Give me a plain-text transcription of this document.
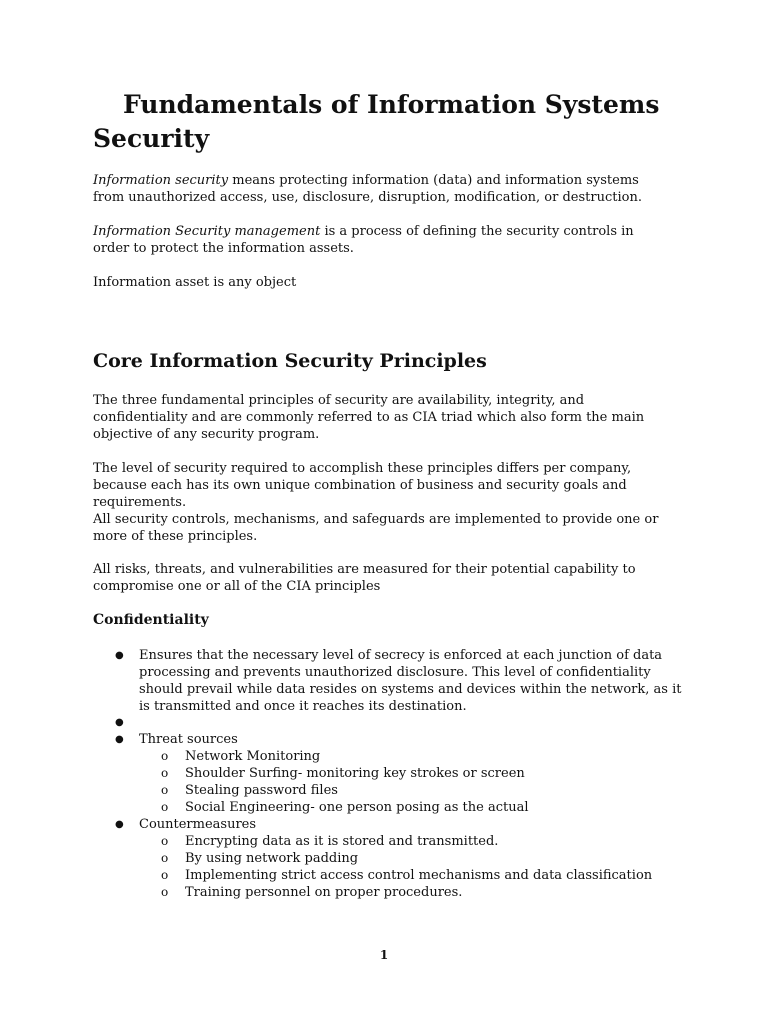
Fundamentals of Information Systems Security

Information security means protecting information (data) and information systems from unauthorized access, use, disclosure, disruption, modification, or destruction.

Information Security management is a process of defining the security controls in order to protect the information assets.

Information asset is any object

Core Information Security Principles

The three fundamental principles of security are availability, integrity, and confidentiality and are commonly referred to as CIA triad which also form the main objective of any security program.

The level of security required to accomplish these principles differs per company, because each has its own unique combination of business and security goals and requirements.

All security controls, mechanisms, and safeguards are implemented to provide one or more of these principles.

All risks, threats, and vulnerabilities are measured for their potential capability to compromise one or all of the CIA principles

Confidentiality
● Ensures that the necessary level of secrecy is enforced at each junction of data processing and prevents unauthorized disclosure. This level of confidentiality should prevail while data resides on systems and devices within the network, as it is transmitted and once it reaches its destination.
●
● Threat sources
o Network Monitoring
o Shoulder Surfing- monitoring key strokes or screen
o Stealing password files
o Social Engineering- one person posing as the actual
● Countermeasures
o Encrypting data as it is stored and transmitted.
o By using network padding
o Implementing strict access control mechanisms and data classification
o Training personnel on proper procedures.
1
